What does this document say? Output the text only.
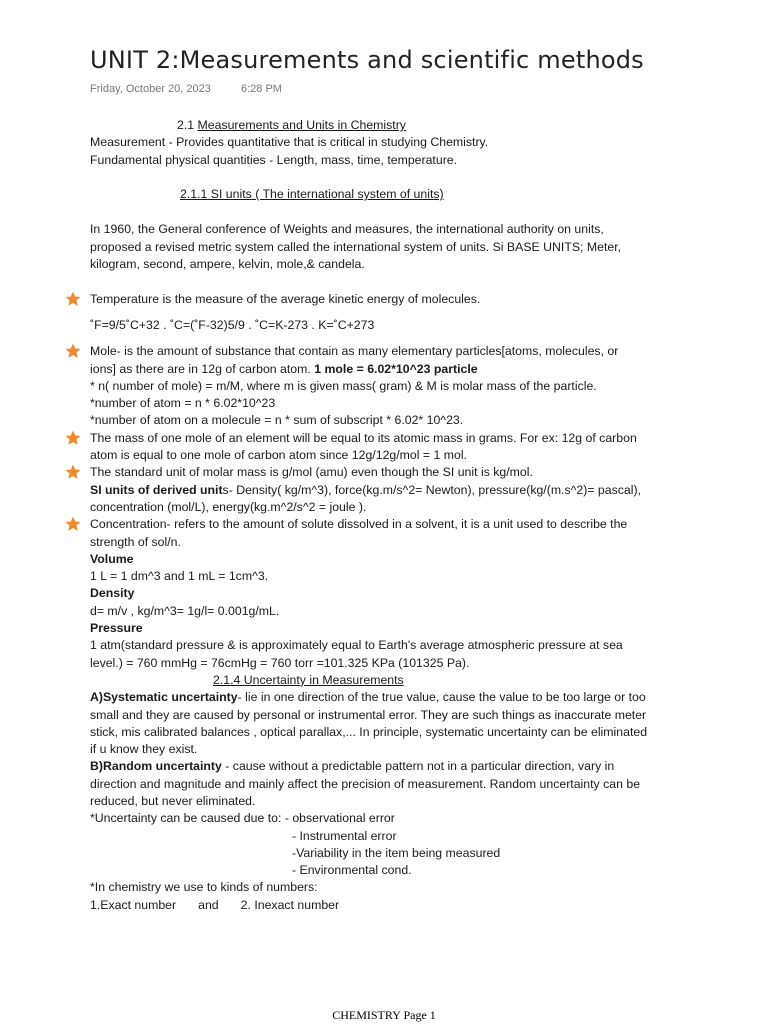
UNIT 2:Measurements and scientific methods
Friday, October 20, 2023	6:28 PM
2.1 Measurements and Units in Chemistry
Measurement - Provides quantitative that is critical in studying Chemistry.
Fundamental physical quantities - Length, mass, time, temperature.
2.1.1 SI units ( The international system of units)
In 1960, the General conference of Weights and measures, the international authority on units,
proposed a revised metric system called the international system of units. Si BASE UNITS; Meter,
kilogram, second, ampere, kelvin, mole,& candela.
Temperature is the measure of the average kinetic energy of molecules.
˚F=9/5˚C+32 . ˚C=(˚F-32)5/9 . ˚C=K-273 . K=˚C+273
Mole- is the amount of substance that contain as many elementary particles[atoms, molecules, or
ions] as there are in 12g of carbon atom. 1 mole = 6.02*10^23 particle
* n( number of mole) = m/M, where m is given mass( gram) & M is molar mass of the particle.
*number of atom = n * 6.02*10^23
*number of atom on a molecule = n * sum of subscript * 6.02* 10^23.
The mass of one mole of an element will be equal to its atomic mass in grams. For ex: 12g of carbon
atom is equal to one mole of carbon atom since 12g/12g/mol = 1 mol.
The standard unit of molar mass is g/mol (amu) even though the SI unit is kg/mol.
SI units of derived units- Density( kg/m^3), force(kg.m/s^2= Newton), pressure(kg/(m.s^2)= pascal),
concentration (mol/L), energy(kg.m^2/s^2 = joule ).
Concentration- refers to the amount of solute dissolved in a solvent, it is a unit used to describe the
strength of sol/n.
Volume
1 L = 1 dm^3 and 1 mL = 1cm^3.
Density
d= m/v , kg/m^3= 1g/l= 0.001g/mL.
Pressure
1 atm(standard pressure & is approximately equal to Earth's average atmospheric pressure at sea
level.) = 760 mmHg = 76cmHg = 760 torr =101.325 KPa (101325 Pa).
2.1.4 Uncertainty in Measurements
A)Systematic uncertainty- lie in one direction of the true value, cause the value to be too large or too
small and they are caused by personal or instrumental error. They are such things as inaccurate meter
stick, mis calibrated balances , optical parallax,... In principle, systematic uncertainty can be eliminated
if u know they exist.
B)Random uncertainty - cause without a predictable pattern not in a particular direction, vary in
direction and magnitude and mainly affect the precision of measurement. Random uncertainty can be
reduced, but never eliminated.
*Uncertainty can be caused due to: - observational error
- Instrumental error
-Variability in the item being measured
- Environmental cond.
*In chemistry we use to kinds of numbers:
1.Exact number and 2. Inexact number
CHEMISTRY Page 1
